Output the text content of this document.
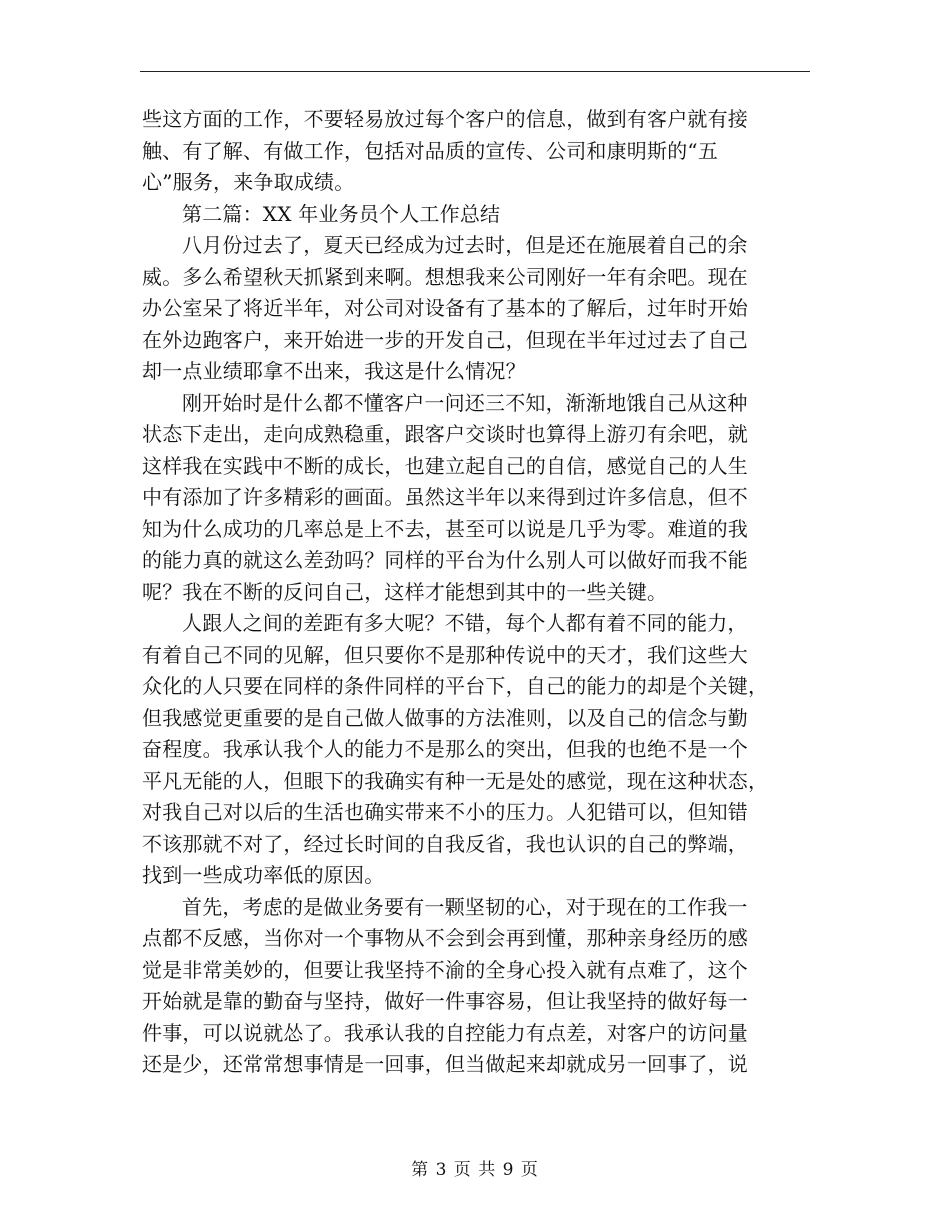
些这方面的工作，不要轻易放过每个客户的信息，做到有客户就有接
触、有了解、有做工作，包括对品质的宣传、公司和康明斯的“五
心”服务，来争取成绩。
第二篇：XX 年业务员个人工作总结
八月份过去了，夏天已经成为过去时，但是还在施展着自己的余
威。多么希望秋天抓紧到来啊。想想我来公司刚好一年有余吧。现在
办公室呆了将近半年，对公司对设备有了基本的了解后，过年时开始
在外边跑客户，来开始进一步的开发自己，但现在半年过过去了自己
却一点业绩耶拿不出来，我这是什么情况？
刚开始时是什么都不懂客户一问还三不知，渐渐地饿自己从这种
状态下走出，走向成熟稳重，跟客户交谈时也算得上游刃有余吧，就
这样我在实践中不断的成长，也建立起自己的自信，感觉自己的人生
中有添加了许多精彩的画面。虽然这半年以来得到过许多信息，但不
知为什么成功的几率总是上不去，甚至可以说是几乎为零。难道的我
的能力真的就这么差劲吗？同样的平台为什么别人可以做好而我不能
呢？我在不断的反问自己，这样才能想到其中的一些关键。
人跟人之间的差距有多大呢？不错，每个人都有着不同的能力，
有着自己不同的见解，但只要你不是那种传说中的天才，我们这些大
众化的人只要在同样的条件同样的平台下，自己的能力的却是个关键，
但我感觉更重要的是自己做人做事的方法准则，以及自己的信念与勤
奋程度。我承认我个人的能力不是那么的突出，但我的也绝不是一个
平凡无能的人，但眼下的我确实有种一无是处的感觉，现在这种状态，
对我自己对以后的生活也确实带来不小的压力。人犯错可以，但知错
不该那就不对了，经过长时间的自我反省，我也认识的自己的弊端，
找到一些成功率低的原因。
首先，考虑的是做业务要有一颗坚韧的心，对于现在的工作我一
点都不反感，当你对一个事物从不会到会再到懂，那种亲身经历的感
觉是非常美妙的，但要让我坚持不渝的全身心投入就有点难了，这个
开始就是靠的勤奋与坚持，做好一件事容易，但让我坚持的做好每一
件事，可以说就怂了。我承认我的自控能力有点差，对客户的访问量
还是少，还常常想事情是一回事，但当做起来却就成另一回事了，说
第 3 页 共 9 页
